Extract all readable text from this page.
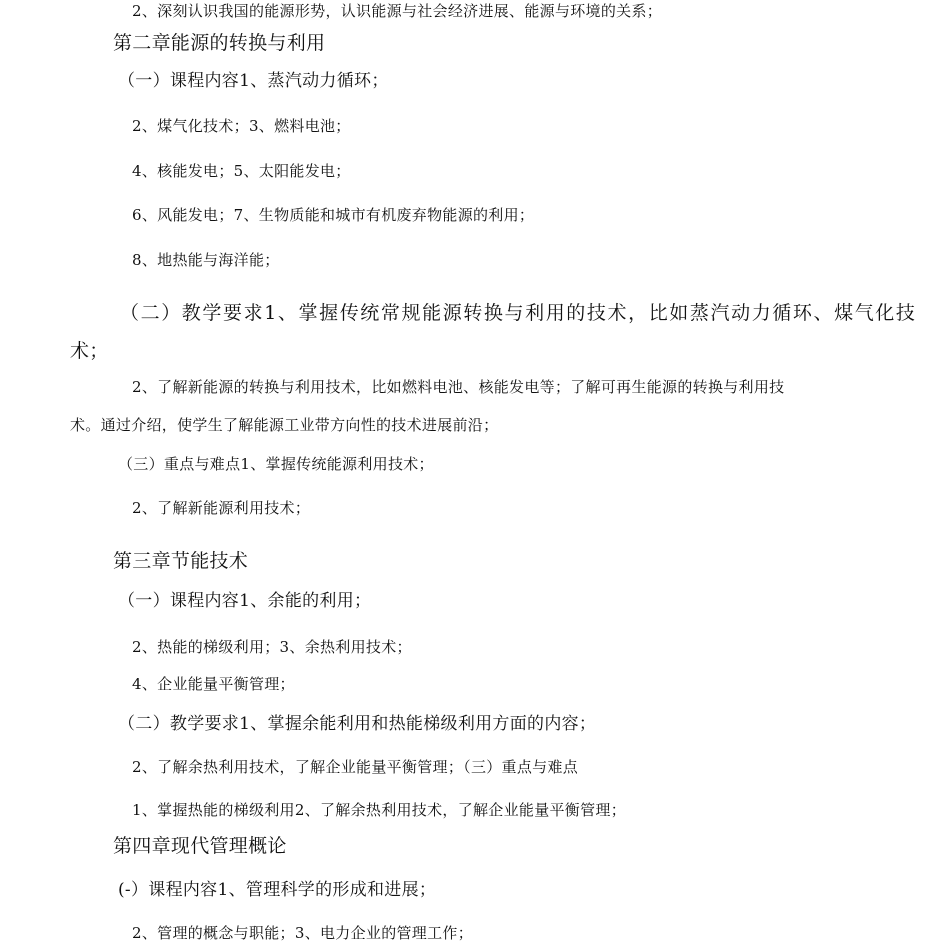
2、深刻认识我国的能源形势，认识能源与社会经济进展、能源与环境的关系；
第二章能源的转换与利用
（一）课程内容1、蒸汽动力循环；
2、煤气化技术；3、燃料电池；
4、核能发电；5、太阳能发电；
6、风能发电；7、生物质能和城市有机废弃物能源的利用；
8、地热能与海洋能；
（二）教学要求1、掌握传统常规能源转换与利用的技术，比如蒸汽动力循环、煤气化技
术；
2、了解新能源的转换与利用技术，比如燃料电池、核能发电等；了解可再生能源的转换与利用技
术。通过介绍，使学生了解能源工业带方向性的技术进展前沿；
（三）重点与难点1、掌握传统能源利用技术；
2、了解新能源利用技术；
第三章节能技术
（一）课程内容1、余能的利用；
2、热能的梯级利用；3、余热利用技术；
4、企业能量平衡管理；
（二）教学要求1、掌握余能利用和热能梯级利用方面的内容；
2、了解余热利用技术，了解企业能量平衡管理；（三）重点与难点
1、掌握热能的梯级利用2、了解余热利用技术，了解企业能量平衡管理；
第四章现代管理概论
(-）课程内容1、管理科学的形成和进展；
2、管理的概念与职能；3、电力企业的管理工作；
